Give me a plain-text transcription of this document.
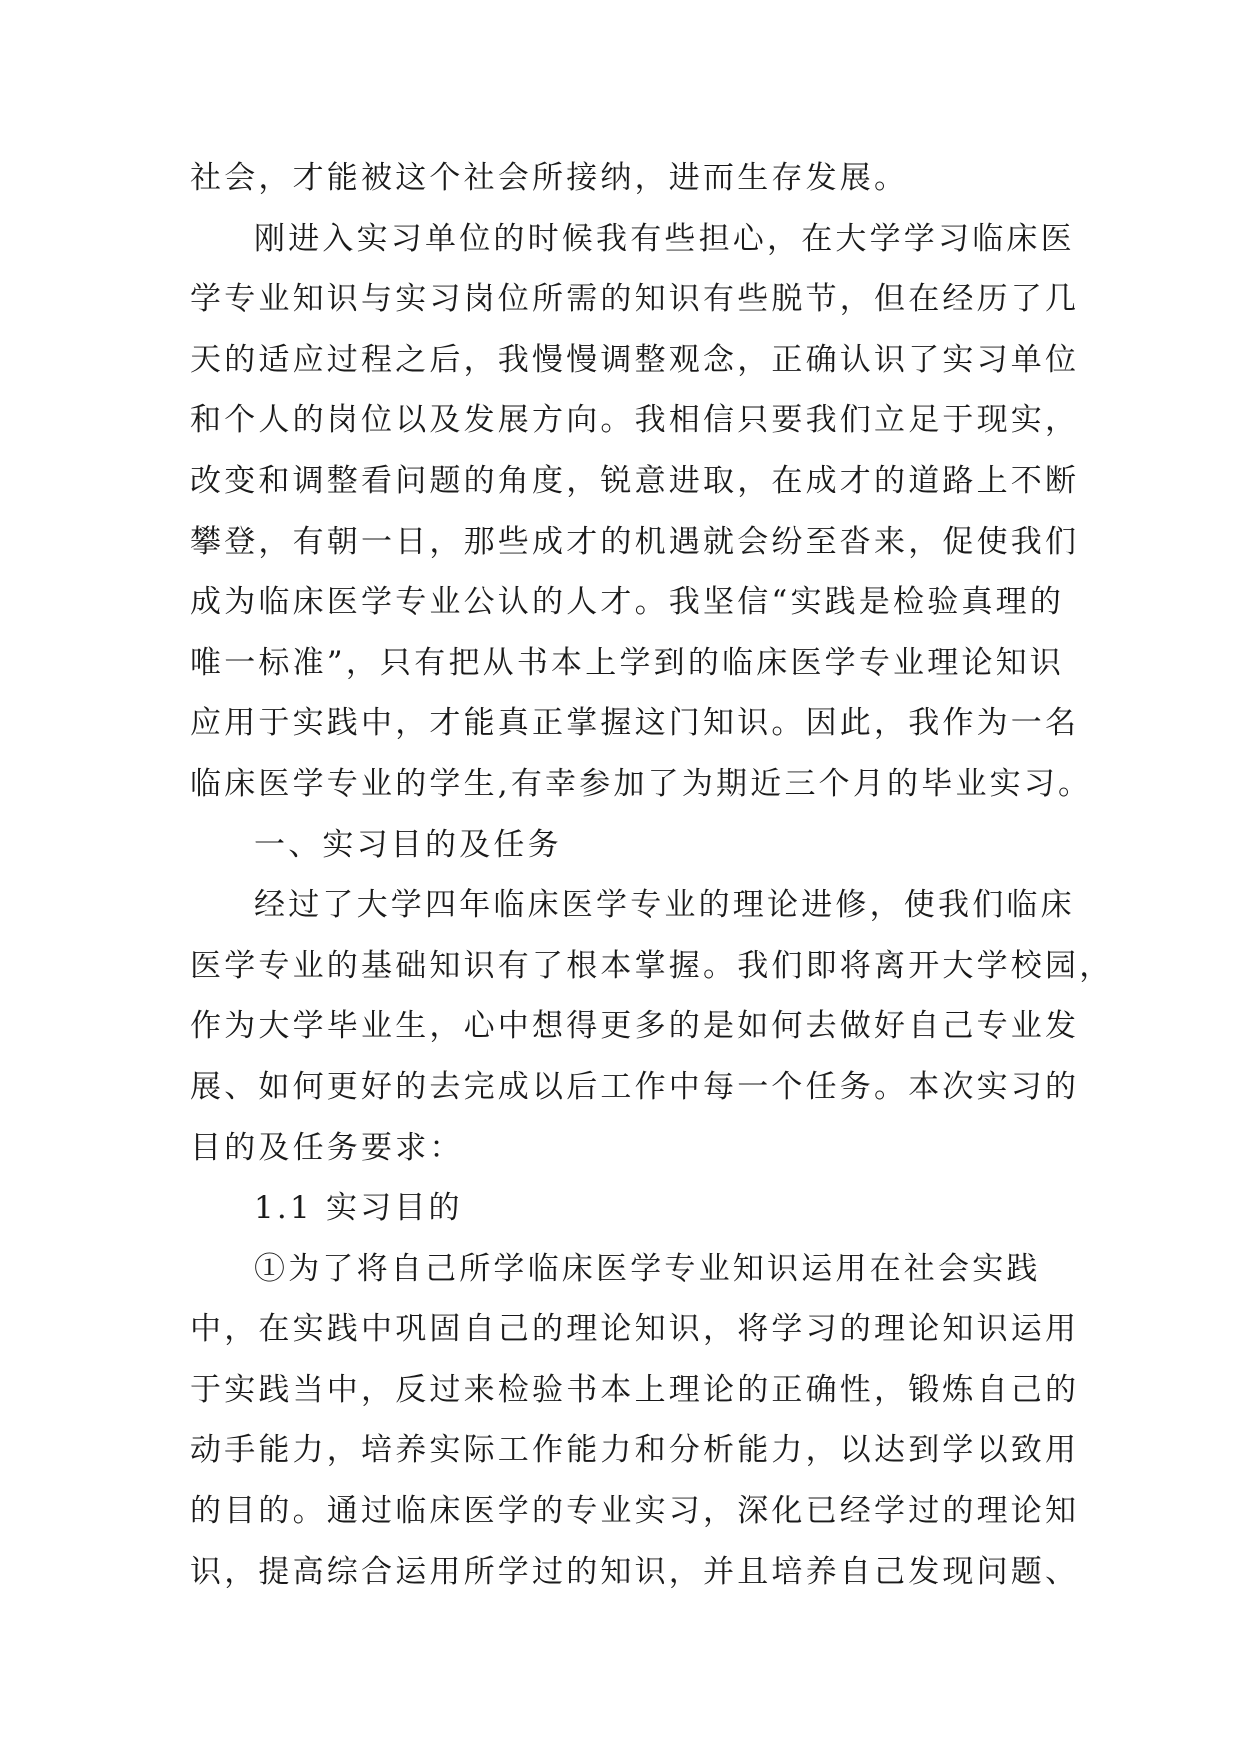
社会，才能被这个社会所接纳，进而生存发展。
刚进入实习单位的时候我有些担心，在大学学习临床医
学专业知识与实习岗位所需的知识有些脱节，但在经历了几
天的适应过程之后，我慢慢调整观念，正确认识了实习单位
和个人的岗位以及发展方向。我相信只要我们立足于现实，
改变和调整看问题的角度，锐意进取，在成才的道路上不断
攀登，有朝一日，那些成才的机遇就会纷至沓来，促使我们
成为临床医学专业公认的人才。我坚信“实践是检验真理的
唯一标准”，只有把从书本上学到的临床医学专业理论知识
应用于实践中，才能真正掌握这门知识。因此，我作为一名
临床医学专业的学生,有幸参加了为期近三个月的毕业实习。
一、实习目的及任务
经过了大学四年临床医学专业的理论进修，使我们临床
医学专业的基础知识有了根本掌握。我们即将离开大学校园，
作为大学毕业生，心中想得更多的是如何去做好自己专业发
展、如何更好的去完成以后工作中每一个任务。本次实习的
目的及任务要求：
1.1 实习目的
①为了将自己所学临床医学专业知识运用在社会实践
中，在实践中巩固自己的理论知识，将学习的理论知识运用
于实践当中，反过来检验书本上理论的正确性，锻炼自己的
动手能力，培养实际工作能力和分析能力，以达到学以致用
的目的。通过临床医学的专业实习，深化已经学过的理论知
识，提高综合运用所学过的知识，并且培养自己发现问题、
